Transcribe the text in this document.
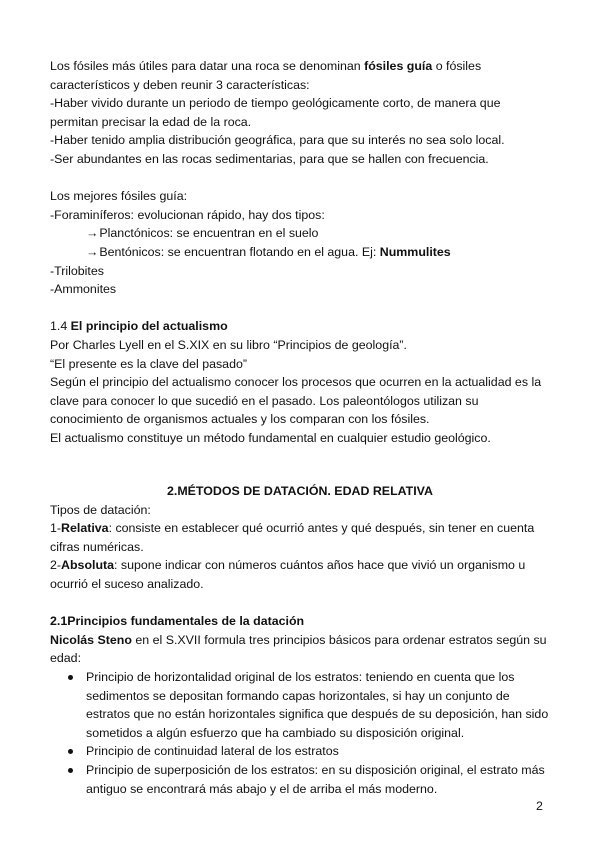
Los fósiles más útiles para datar una roca se denominan fósiles guía o fósiles característicos y deben reunir 3 características:

-Haber vivido durante un periodo de tiempo geológicamente corto, de manera que permitan precisar la edad de la roca.

-Haber tenido amplia distribución geográfica, para que su interés no sea solo local.

-Ser abundantes en las rocas sedimentarias, para que se hallen con frecuencia.

Los mejores fósiles guía:

-Foraminíferos: evolucionan rápido, hay dos tipos:

→Planctónicos: se encuentran en el suelo

→Bentónicos: se encuentran flotando en el agua. Ej: Nummulites

-Trilobites

-Ammonites

1.4 El principio del actualismo

Por Charles Lyell en el S.XIX en su libro “Principios de geología”.

“El presente es la clave del pasado”

Según el principio del actualismo conocer los procesos que ocurren en la actualidad es la clave para conocer lo que sucedió en el pasado. Los paleontólogos utilizan su conocimiento de organismos actuales y los comparan con los fósiles.

El actualismo constituye un método fundamental en cualquier estudio geológico.

2.MÉTODOS DE DATACIÓN. EDAD RELATIVA

Tipos de datación:

1-Relativa: consiste en establecer qué ocurrió antes y qué después, sin tener en cuenta cifras numéricas.

2-Absoluta: supone indicar con números cuántos años hace que vivió un organismo u ocurrió el suceso analizado.

2.1Principios fundamentales de la datación

Nicolás Steno en el S.XVII formula tres principios básicos para ordenar estratos según su edad:

Principio de horizontalidad original de los estratos: teniendo en cuenta que los sedimentos se depositan formando capas horizontales, si hay un conjunto de estratos que no están horizontales significa que después de su deposición, han sido sometidos a algún esfuerzo que ha cambiado su disposición original.
Principio de continuidad lateral de los estratos
Principio de superposición de los estratos: en su disposición original, el estrato más antiguo se encontrará más abajo y el de arriba el más moderno.
2
